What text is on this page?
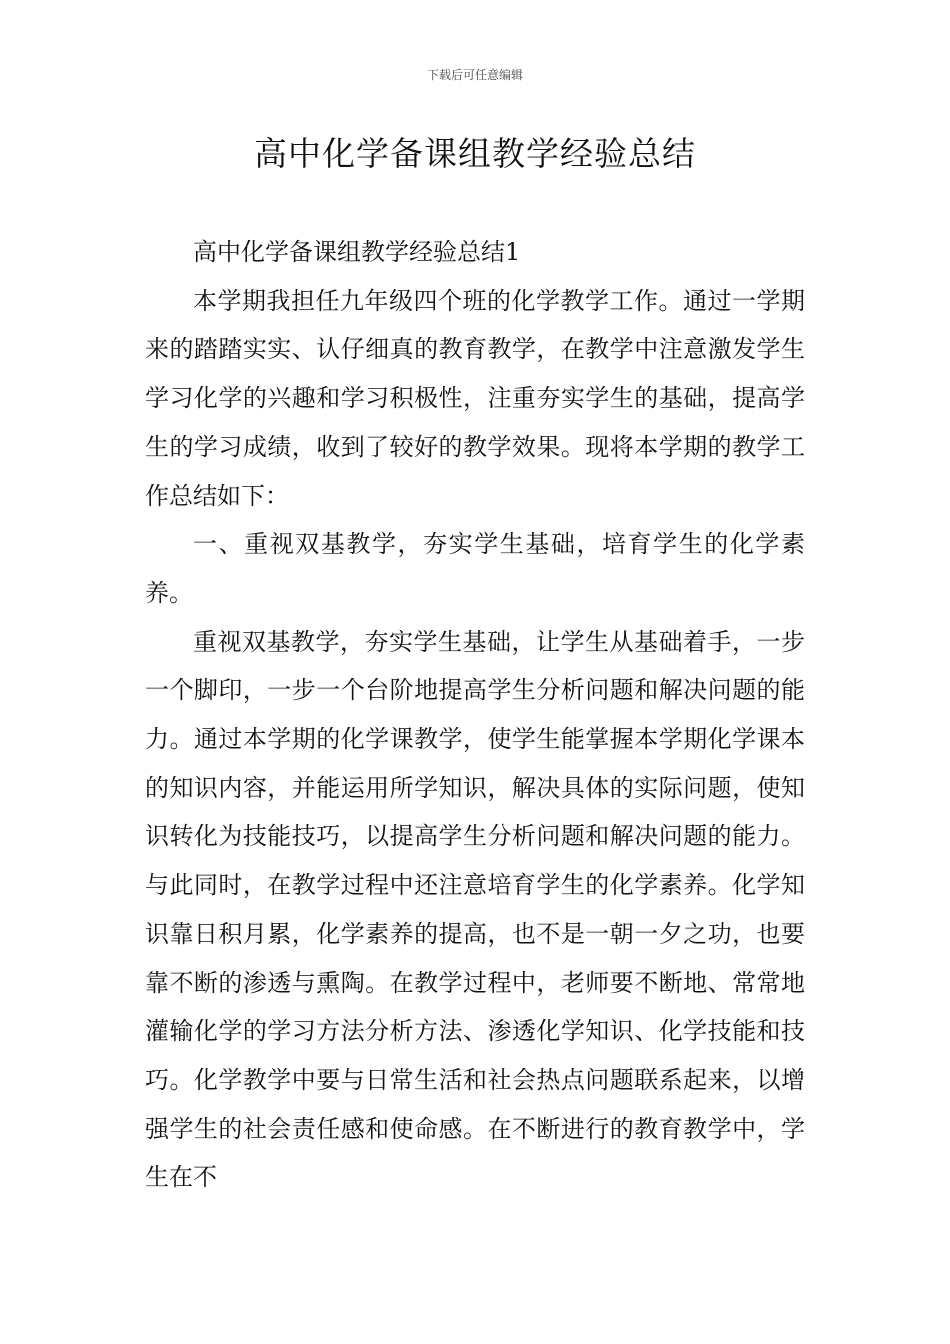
下载后可任意编辑
高中化学备课组教学经验总结

高中化学备课组教学经验总结1

本学期我担任九年级四个班的化学教学工作。通过一学期来的踏踏实实、认仔细真的教育教学，在教学中注意激发学生学习化学的兴趣和学习积极性，注重夯实学生的基础，提高学生的学习成绩，收到了较好的教学效果。现将本学期的教学工作总结如下：

一、重视双基教学，夯实学生基础，培育学生的化学素养。

重视双基教学，夯实学生基础，让学生从基础着手，一步一个脚印，一步一个台阶地提高学生分析问题和解决问题的能力。通过本学期的化学课教学，使学生能掌握本学期化学课本的知识内容，并能运用所学知识，解决具体的实际问题，使知识转化为技能技巧，以提高学生分析问题和解决问题的能力。与此同时，在教学过程中还注意培育学生的化学素养。化学知识靠日积月累，化学素养的提高，也不是一朝一夕之功，也要靠不断的渗透与熏陶。在教学过程中，老师要不断地、常常地灌输化学的学习方法分析方法、渗透化学知识、化学技能和技巧。化学教学中要与日常生活和社会热点问题联系起来，以增强学生的社会责任感和使命感。在不断进行的教育教学中，学生在不
